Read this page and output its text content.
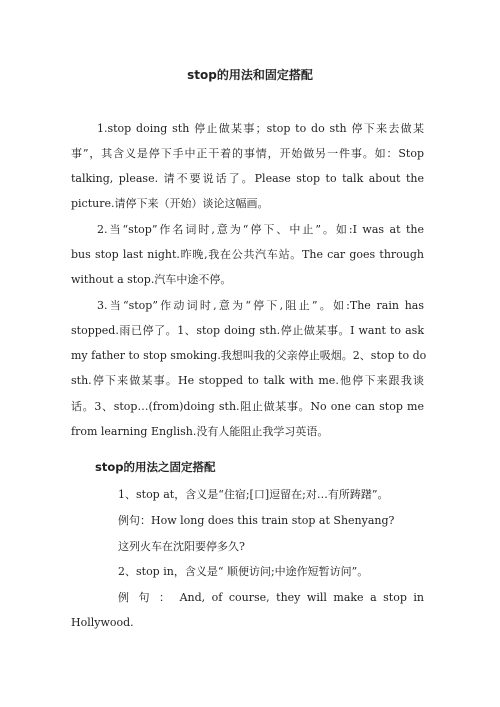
stop的用法和固定搭配
1.stop doing sth 停止做某事；stop to do sth 停下来去做某
事”，其含义是停下手中正干着的事情，开始做另一件事。如：Stop
talking, please. 请不要说话了。Please stop to talk about the
picture.请停下来（开始）谈论这幅画。
2.当“stop”作名词时,意为“停下、中止”。如:I was at the
bus stop last night.昨晚,我在公共汽车站。The car goes through
without a stop.汽车中途不停。
3.当“stop”作动词时,意为“停下,阻止”。如:The rain has
stopped.雨已停了。1、stop doing sth.停止做某事。I want to ask
my father to stop smoking.我想叫我的父亲停止吸烟。2、stop to do
sth.停下来做某事。He stopped to talk with me.他停下来跟我谈
话。3、stop…(from)doing sth.阻止做某事。No one can stop me
from learning English.没有人能阻止我学习英语。
stop的用法之固定搭配
1、stop at，含义是“住宿;[口]逗留在;对…有所踌躇”。
例句：How long does this train stop at Shenyang?
这列火车在沈阳要停多久?
2、stop in，含义是“ 顺便访问;中途作短暂访问”。
例 句 ： And, of course, they will make a stop in
Hollywood.
